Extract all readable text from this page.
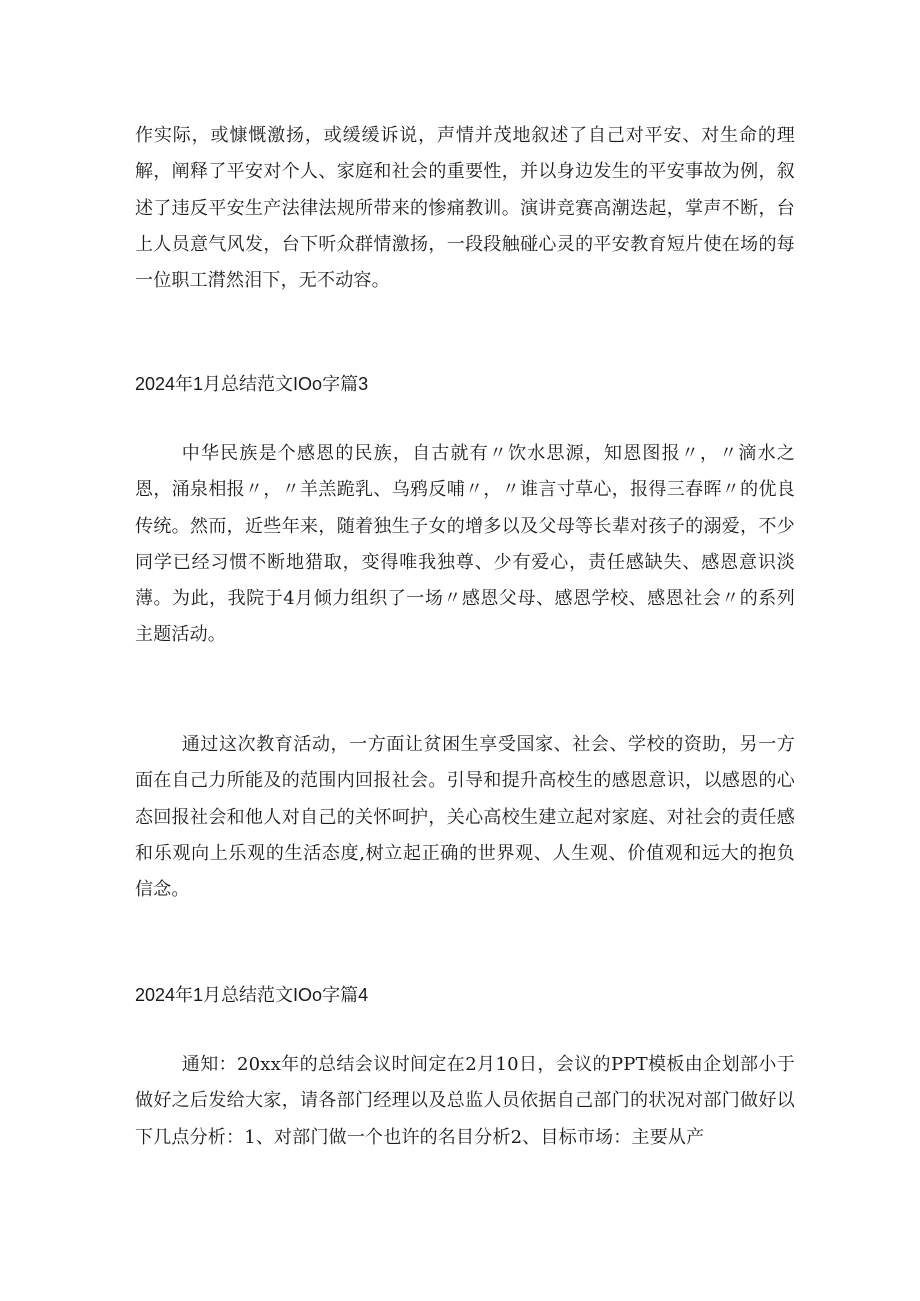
作实际，或慷慨激扬，或缓缓诉说，声情并茂地叙述了自己对平安、对生命的理解，阐释了平安对个人、家庭和社会的重要性，并以身边发生的平安事故为例，叙述了违反平安生产法律法规所带来的惨痛教训。演讲竞赛高潮迭起，掌声不断，台上人员意气风发，台下听众群情激扬，一段段触碰心灵的平安教育短片使在场的每一位职工潸然泪下，无不动容。

2024年1月总结范文IOo字篇3

中华民族是个感恩的民族，自古就有〃饮水思源，知恩图报〃，〃滴水之恩，涌泉相报〃，〃羊羔跪乳、乌鸦反哺〃，〃谁言寸草心，报得三春晖〃的优良传统。然而，近些年来，随着独生子女的增多以及父母等长辈对孩子的溺爱，不少同学已经习惯不断地猎取，变得唯我独尊、少有爱心，责任感缺失、感恩意识淡薄。为此，我院于4月倾力组织了一场〃感恩父母、感恩学校、感恩社会〃的系列主题活动。

通过这次教育活动，一方面让贫困生享受国家、社会、学校的资助，另一方面在自己力所能及的范围内回报社会。引导和提升高校生的感恩意识，以感恩的心态回报社会和他人对自己的关怀呵护，关心高校生建立起对家庭、对社会的责任感和乐观向上乐观的生活态度,树立起正确的世界观、人生观、价值观和远大的抱负信念。

2024年1月总结范文IOo字篇4

通知：20xx年的总结会议时间定在2月10日，会议的PPT模板由企划部小于做好之后发给大家，请各部门经理以及总监人员依据自己部门的状况对部门做好以下几点分析：1、对部门做一个也许的名目分析2、目标市场：主要从产
